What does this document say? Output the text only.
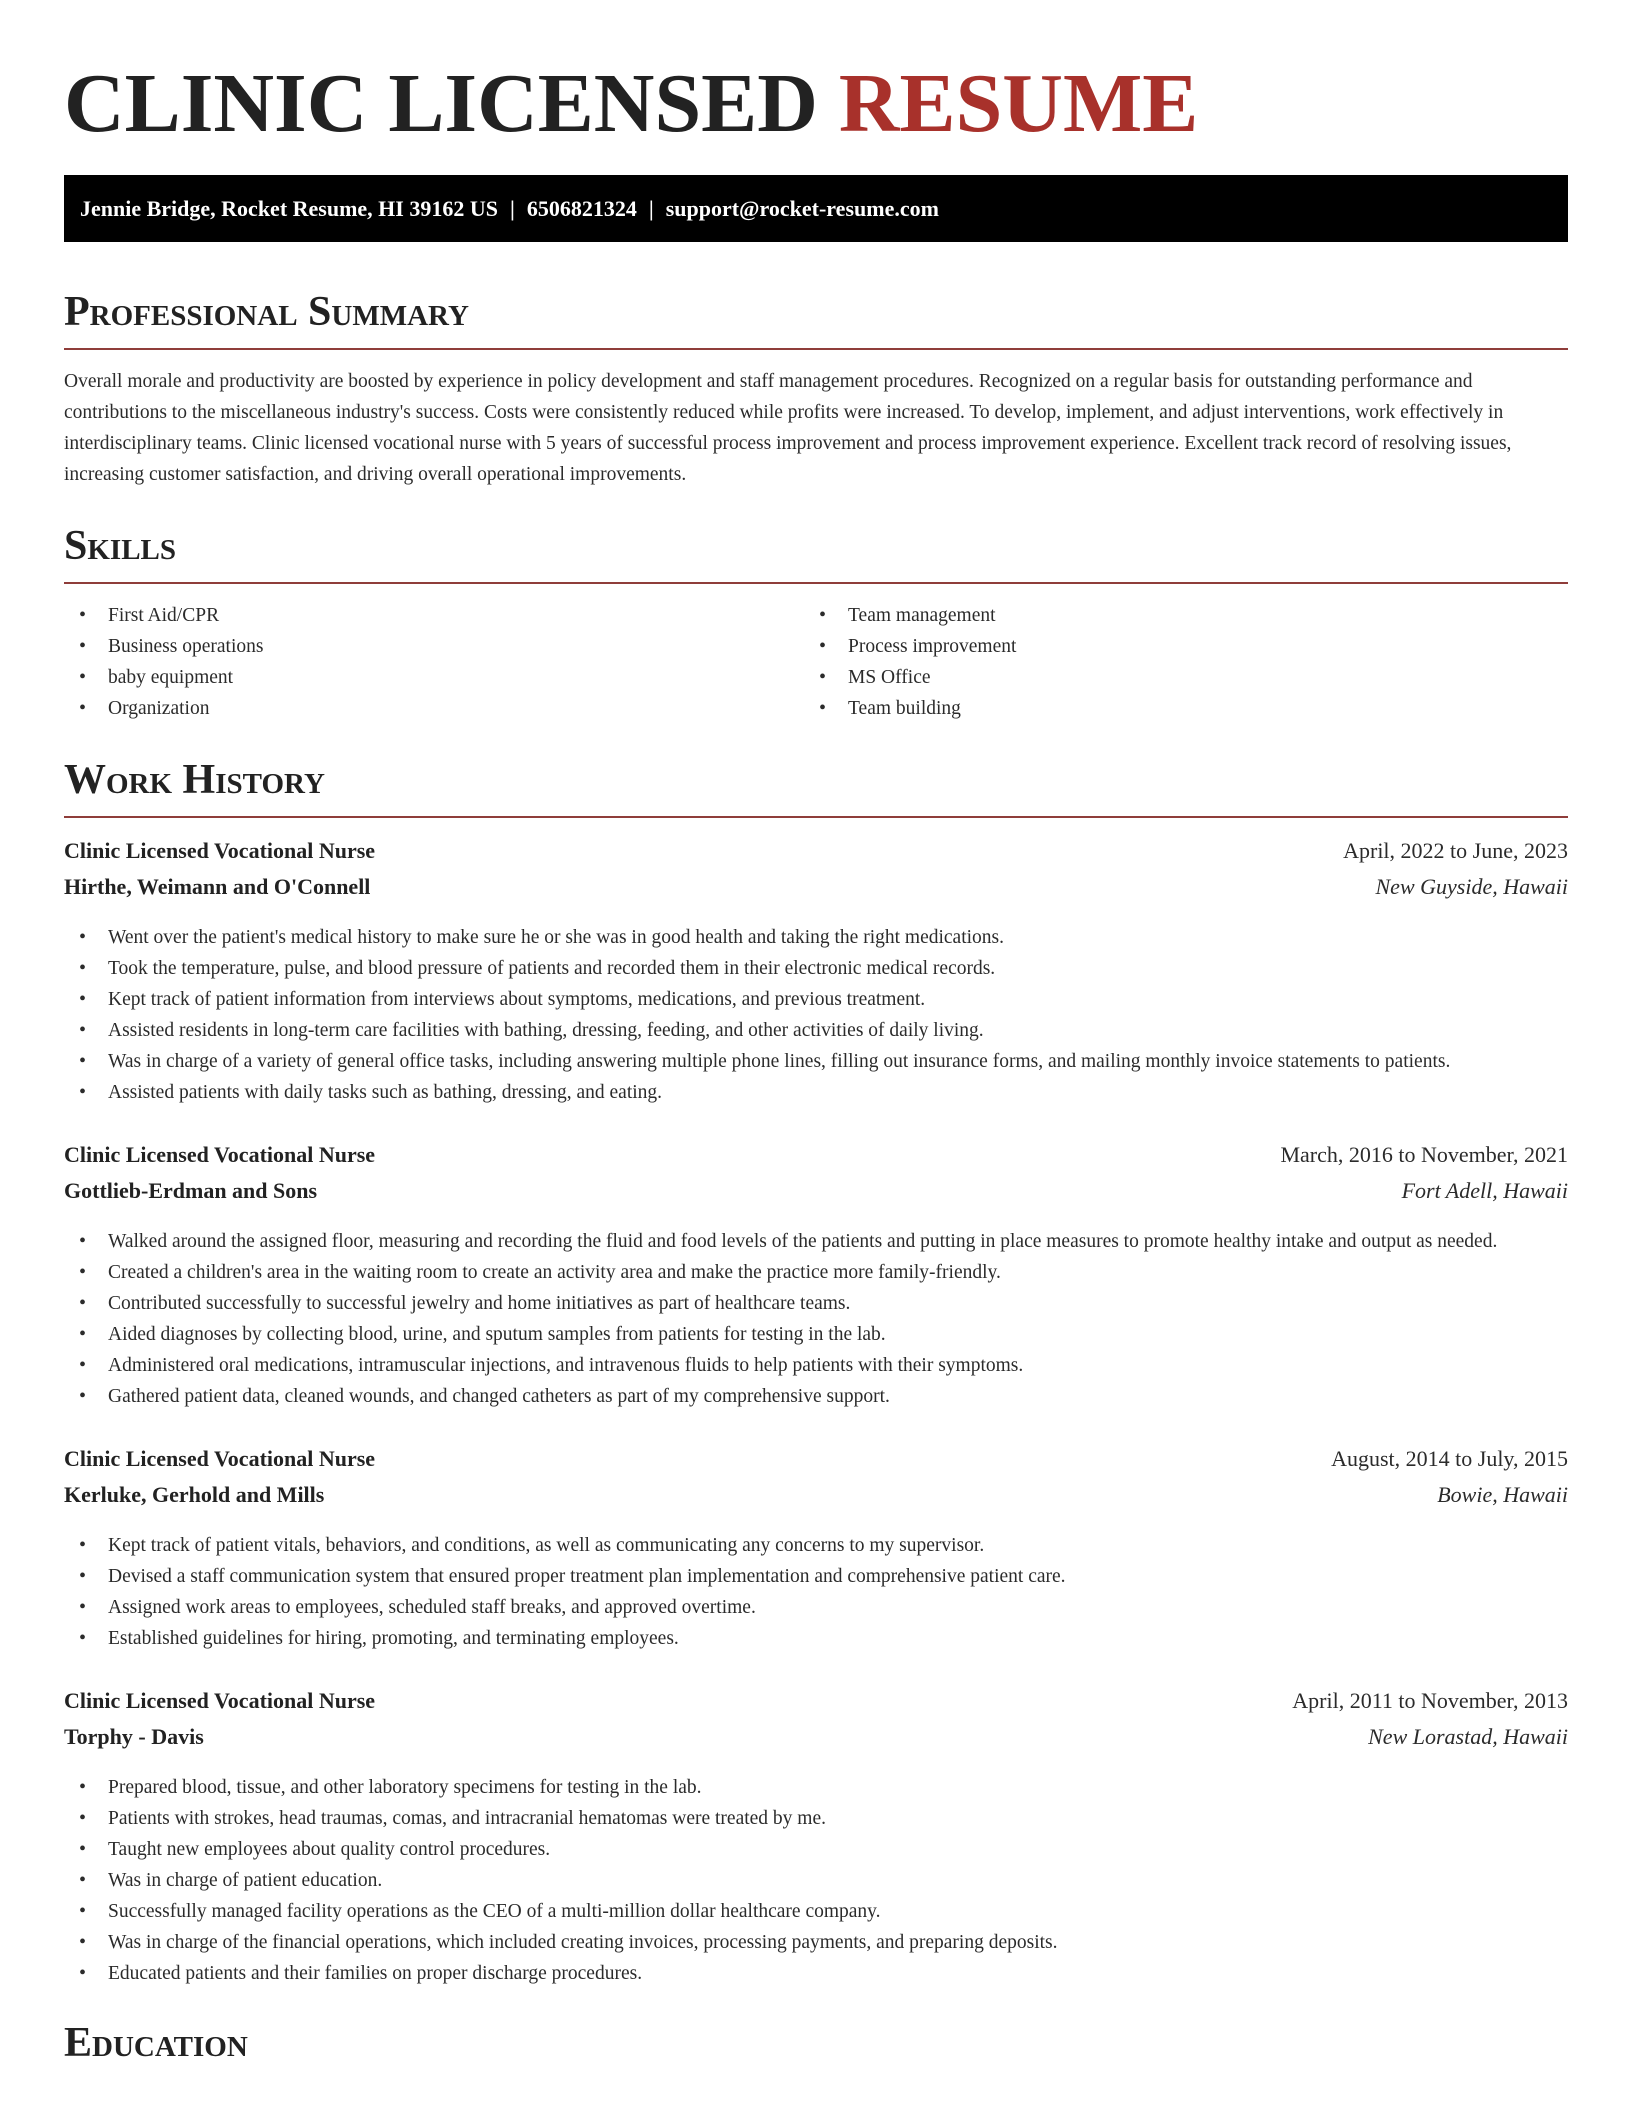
CLINIC LICENSED RESUME
Jennie Bridge, Rocket Resume, HI 39162 US | 6506821324 | support@rocket-resume.com
Professional Summary

Overall morale and productivity are boosted by experience in policy development and staff management procedures. Recognized on a regular basis for outstanding performance and contributions to the miscellaneous industry's success. Costs were consistently reduced while profits were increased. To develop, implement, and adjust interventions, work effectively in interdisciplinary teams. Clinic licensed vocational nurse with 5 years of successful process improvement and process improvement experience. Excellent track record of resolving issues, increasing customer satisfaction, and driving overall operational improvements.

Skills
• First Aid/CPR
• Business operations
• baby equipment
• Organization
• Team management
• Process improvement
• MS Office
• Team building
Work History
Clinic Licensed Vocational Nurse	April, 2022 to June, 2023
Hirthe, Weimann and O'Connell	New Guyside, Hawaii
• Went over the patient's medical history to make sure he or she was in good health and taking the right medications.
• Took the temperature, pulse, and blood pressure of patients and recorded them in their electronic medical records.
• Kept track of patient information from interviews about symptoms, medications, and previous treatment.
• Assisted residents in long-term care facilities with bathing, dressing, feeding, and other activities of daily living.
• Was in charge of a variety of general office tasks, including answering multiple phone lines, filling out insurance forms, and mailing monthly invoice statements to patients.
• Assisted patients with daily tasks such as bathing, dressing, and eating.
Clinic Licensed Vocational Nurse	March, 2016 to November, 2021
Gottlieb-Erdman and Sons	Fort Adell, Hawaii
• Walked around the assigned floor, measuring and recording the fluid and food levels of the patients and putting in place measures to promote healthy intake and output as needed.
• Created a children's area in the waiting room to create an activity area and make the practice more family-friendly.
• Contributed successfully to successful jewelry and home initiatives as part of healthcare teams.
• Aided diagnoses by collecting blood, urine, and sputum samples from patients for testing in the lab.
• Administered oral medications, intramuscular injections, and intravenous fluids to help patients with their symptoms.
• Gathered patient data, cleaned wounds, and changed catheters as part of my comprehensive support.
Clinic Licensed Vocational Nurse	August, 2014 to July, 2015
Kerluke, Gerhold and Mills	Bowie, Hawaii
• Kept track of patient vitals, behaviors, and conditions, as well as communicating any concerns to my supervisor.
• Devised a staff communication system that ensured proper treatment plan implementation and comprehensive patient care.
• Assigned work areas to employees, scheduled staff breaks, and approved overtime.
• Established guidelines for hiring, promoting, and terminating employees.
Clinic Licensed Vocational Nurse	April, 2011 to November, 2013
Torphy - Davis	New Lorastad, Hawaii
• Prepared blood, tissue, and other laboratory specimens for testing in the lab.
• Patients with strokes, head traumas, comas, and intracranial hematomas were treated by me.
• Taught new employees about quality control procedures.
• Was in charge of patient education.
• Successfully managed facility operations as the CEO of a multi-million dollar healthcare company.
• Was in charge of the financial operations, which included creating invoices, processing payments, and preparing deposits.
• Educated patients and their families on proper discharge procedures.
Education
